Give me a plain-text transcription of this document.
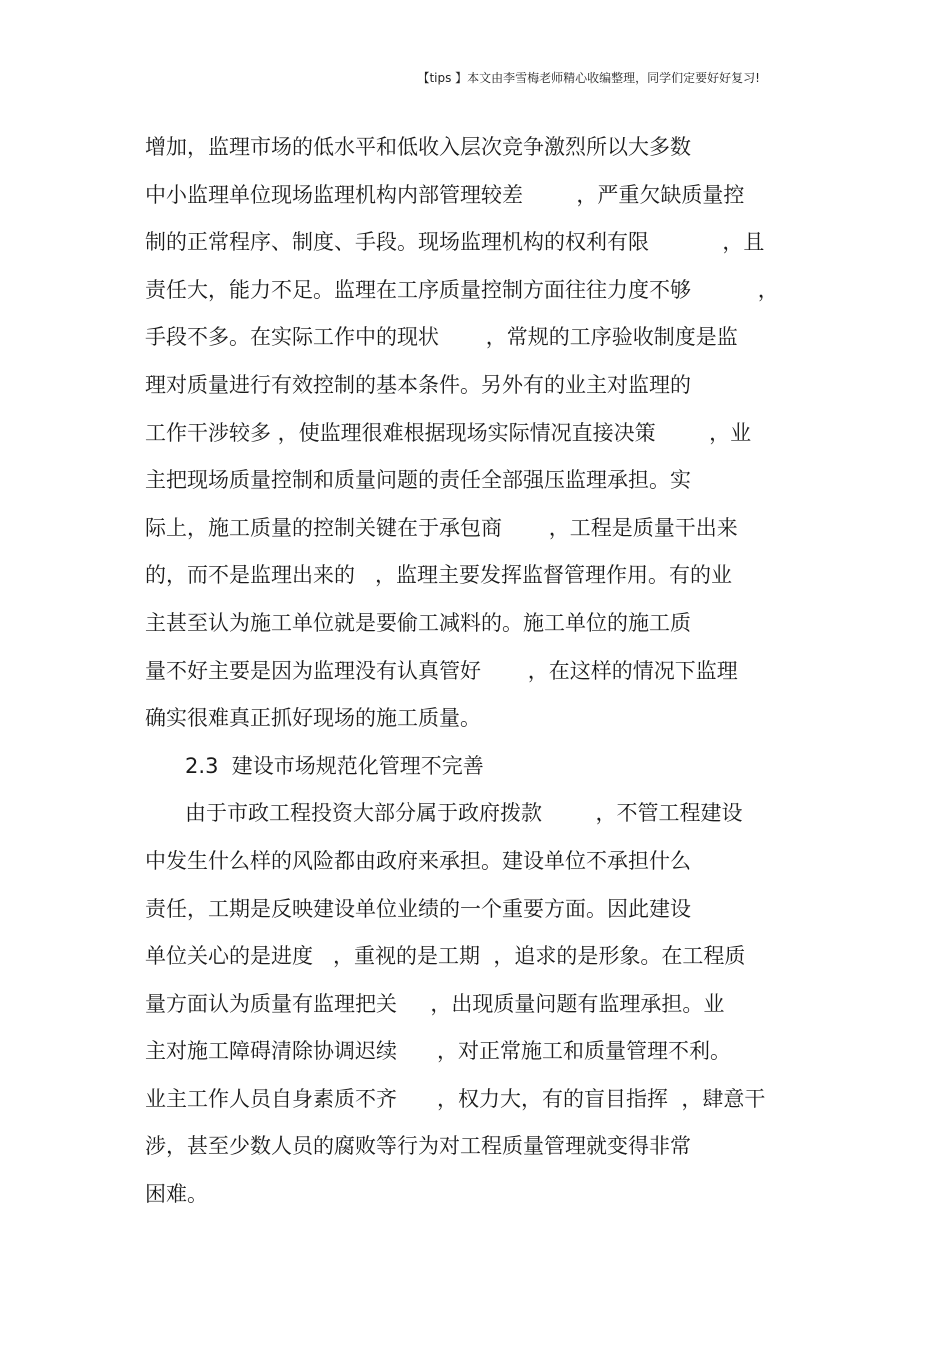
【tips 】本文由李雪梅老师精心收编整理，同学们定要好好复习!
增加，监理市场的低水平和低收入层次竞争激烈所以大多数
中小监理单位现场监理机构内部管理较差        ，严重欠缺质量控
制的正常程序、制度、手段。现场监理机构的权利有限           ，且
责任大，能力不足。监理在工序质量控制方面往往力度不够          ，
手段不多。在实际工作中的现状       ，常规的工序验收制度是监
理对质量进行有效控制的基本条件。另外有的业主对监理的
工作干涉较多 ，使监理很难根据现场实际情况直接决策        ，业
主把现场质量控制和质量问题的责任全部强压监理承担。实
际上，施工质量的控制关键在于承包商       ，工程是质量干出来
的，而不是监理出来的   ，监理主要发挥监督管理作用。有的业
主甚至认为施工单位就是要偷工减料的。施工单位的施工质
量不好主要是因为监理没有认真管好       ，在这样的情况下监理
确实很难真正抓好现场的施工质量。
2.3  建设市场规范化管理不完善
由于市政工程投资大部分属于政府拨款        ，不管工程建设
中发生什么样的风险都由政府来承担。建设单位不承担什么
责任，工期是反映建设单位业绩的一个重要方面。因此建设
单位关心的是进度   ，重视的是工期  ，追求的是形象。在工程质
量方面认为质量有监理把关     ，出现质量问题有监理承担。业
主对施工障碍清除协调迟续      ，对正常施工和质量管理不利。
业主工作人员自身素质不齐      ，权力大，有的盲目指挥  ，肆意干
涉，甚至少数人员的腐败等行为对工程质量管理就变得非常
困难。
